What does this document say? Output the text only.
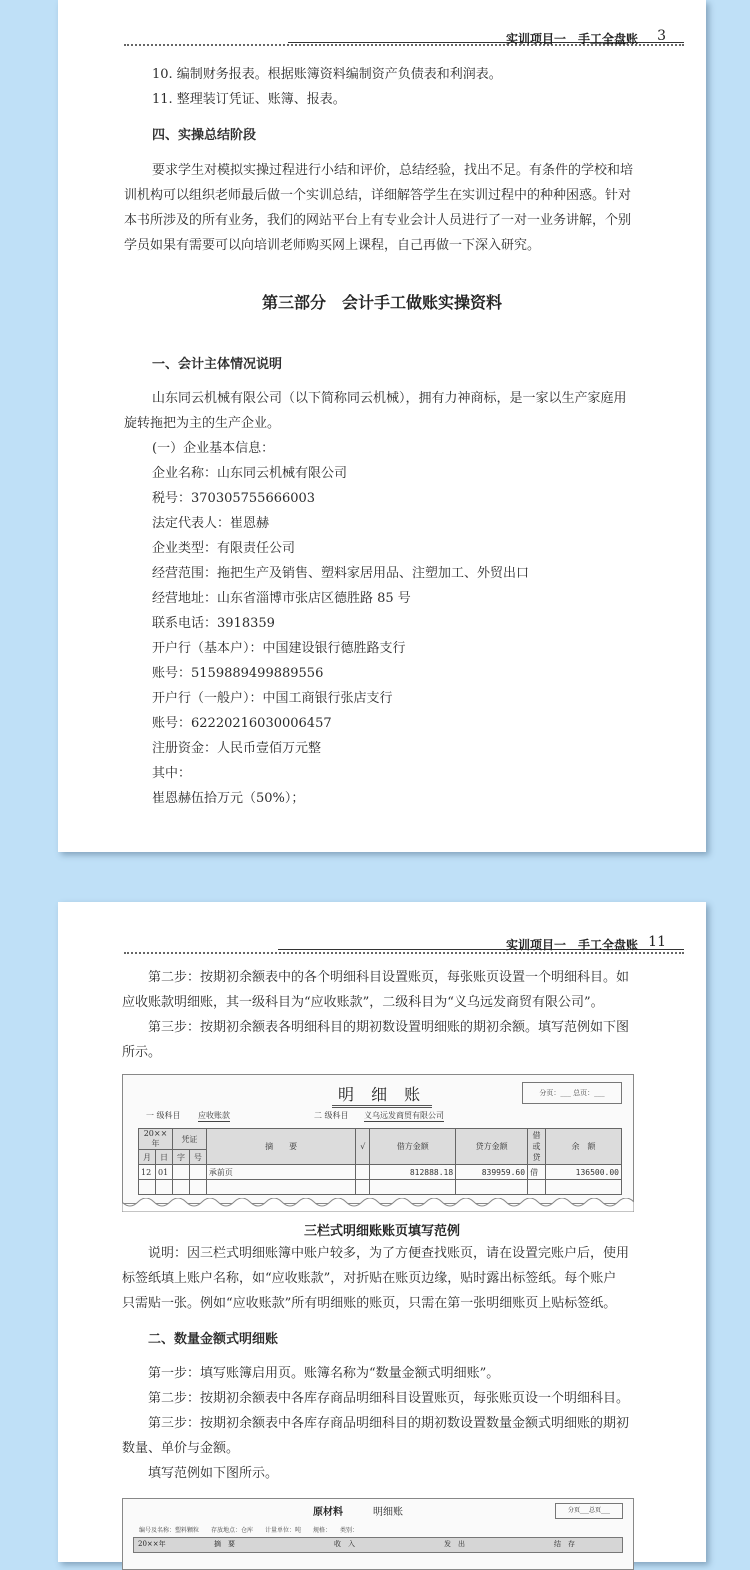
实训项目一　手工全盘账 3
10. 编制财务报表。根据账簿资料编制资产负债表和利润表。
11. 整理装订凭证、账簿、报表。
四、实操总结阶段
要求学生对模拟实操过程进行小结和评价，总结经验，找出不足。有条件的学校和培
训机构可以组织老师最后做一个实训总结，详细解答学生在实训过程中的种种困惑。针对
本书所涉及的所有业务，我们的网站平台上有专业会计人员进行了一对一业务讲解，个别
学员如果有需要可以向培训老师购买网上课程，自己再做一下深入研究。
第三部分　会计手工做账实操资料
一、会计主体情况说明
山东同云机械有限公司（以下简称同云机械），拥有力神商标，是一家以生产家庭用
旋转拖把为主的生产企业。
(一）企业基本信息：
企业名称：山东同云机械有限公司
税号：370305755666003
法定代表人：崔恩赫
企业类型：有限责任公司
经营范围：拖把生产及销售、塑料家居用品、注塑加工、外贸出口
经营地址：山东省淄博市张店区德胜路 85 号
联系电话：3918359
开户行（基本户）：中国建设银行德胜路支行
账号：5159889499889556
开户行（一般户）：中国工商银行张店支行
账号：62220216030006457
注册资金：人民币壹佰万元整
其中：
崔恩赫伍拾万元（50%）；
实训项目一　手工全盘账 11
第二步：按期初余额表中的各个明细科目设置账页，每张账页设置一个明细科目。如
应收账款明细账，其一级科目为“应收账款”，二级科目为“义乌远发商贸有限公司”。
第三步：按期初余额表各明细科目的期初数设置明细账的期初余额。填写范例如下图
所示。
明 细 账	分页：___ 总页：___
一 级科目 应收账款	二 级科目 义乌远发商贸有限公司
20××年		凭证		摘　　要	√	借方金额	贷方金额	借或贷	余　额
月	日	字	号						
12	01			承前页		812888.18	839959.60	借	136500.00

三栏式明细账账页填写范例
说明：因三栏式明细账簿中账户较多，为了方便查找账页，请在设置完账户后，使用
标签纸填上账户名称，如“应收账款”，对折贴在账页边缘，贴时露出标签纸。每个账户
只需贴一张。例如“应收账款”所有明细账的账页，只需在第一张明细账页上贴标签纸。
二、数量金额式明细账
第一步：填写账簿启用页。账簿名称为“数量金额式明细账”。
第二步：按期初余额表中各库存商品明细科目设置账页，每张账页设一个明细科目。
第三步：按期初余额表中各库存商品明细科目的期初数设置数量金额式明细账的期初
数量、单价与金额。
填写范例如下图所示。
原材料	明细账	分页___总页___
编号及名称：塑料颗粒　　存放地点：仓库　　计量单位：吨　　规格：　　类别：
20××年	摘　要	收　入	发　出	结　存
